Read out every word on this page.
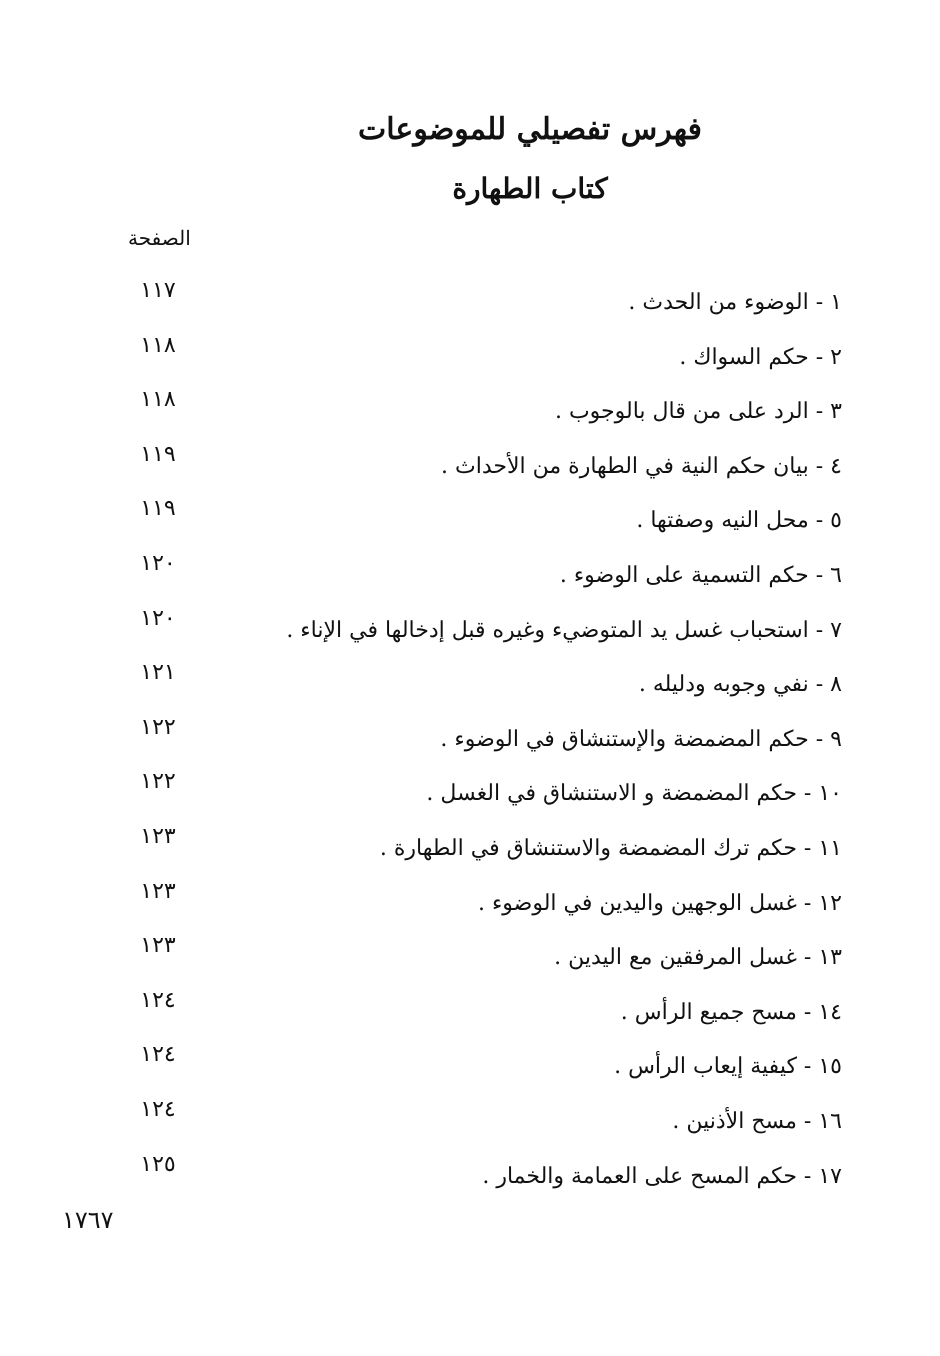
فهرس تفصيلي للموضوعات
كتاب الطهارة
الصفحة
١ - الوضوء من الحدث .
١١٧
٢ - حكم السواك .
١١٨
٣ - الرد على من قال بالوجوب .
١١٨
٤ - بيان حكم النية في الطهارة من الأحداث .
١١٩
٥ - محل النيه وصفتها .
١١٩
٦ - حكم التسمية على الوضوء .
١٢٠
٧ - استحباب غسل يد المتوضيء وغيره قبل إدخالها في الإناء .
١٢٠
٨ - نفي وجوبه ودليله .
١٢١
٩ - حكم المضمضة والإستنشاق في الوضوء .
١٢٢
١٠ - حكم المضمضة و الاستنشاق في الغسل .
١٢٢
١١ - حكم ترك المضمضة والاستنشاق في الطهارة .
١٢٣
١٢ - غسل الوجهين واليدين في الوضوء .
١٢٣
١٣ - غسل المرفقين مع اليدين .
١٢٣
١٤ - مسح جميع الرأس .
١٢٤
١٥ - كيفية إيعاب الرأس .
١٢٤
١٦ - مسح الأذنين .
١٢٤
١٧ - حكم المسح على العمامة والخمار .
١٢٥
١٧٦٧
